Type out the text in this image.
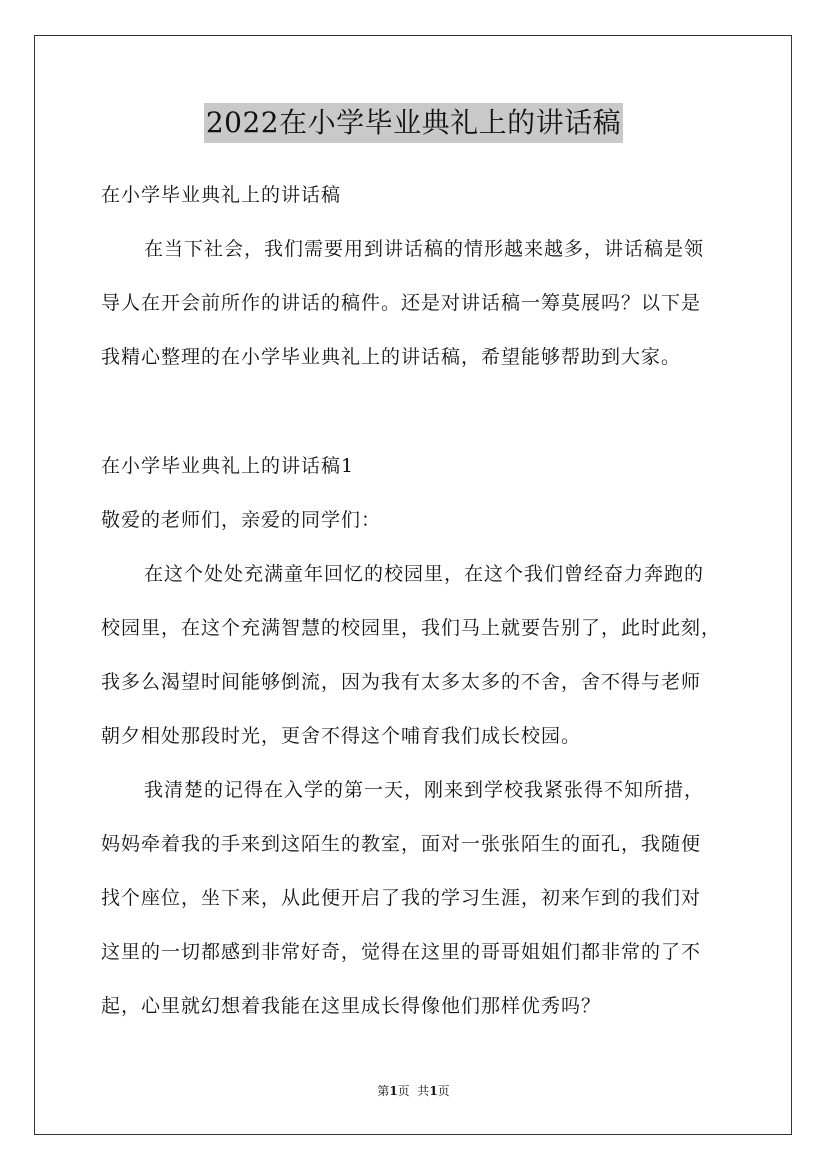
2022在小学毕业典礼上的讲话稿
在小学毕业典礼上的讲话稿
在当下社会，我们需要用到讲话稿的情形越来越多，讲话稿是领
导人在开会前所作的讲话的稿件。还是对讲话稿一筹莫展吗？以下是
我精心整理的在小学毕业典礼上的讲话稿，希望能够帮助到大家。
在小学毕业典礼上的讲话稿1
敬爱的老师们，亲爱的同学们：
在这个处处充满童年回忆的校园里，在这个我们曾经奋力奔跑的
校园里，在这个充满智慧的校园里，我们马上就要告别了，此时此刻，
我多么渴望时间能够倒流，因为我有太多太多的不舍，舍不得与老师
朝夕相处那段时光，更舍不得这个哺育我们成长校园。
我清楚的记得在入学的第一天，刚来到学校我紧张得不知所措，
妈妈牵着我的手来到这陌生的教室，面对一张张陌生的面孔，我随便
找个座位，坐下来，从此便开启了我的学习生涯，初来乍到的我们对
这里的一切都感到非常好奇，觉得在这里的哥哥姐姐们都非常的了不
起，心里就幻想着我能在这里成长得像他们那样优秀吗？
第1页  共1页
